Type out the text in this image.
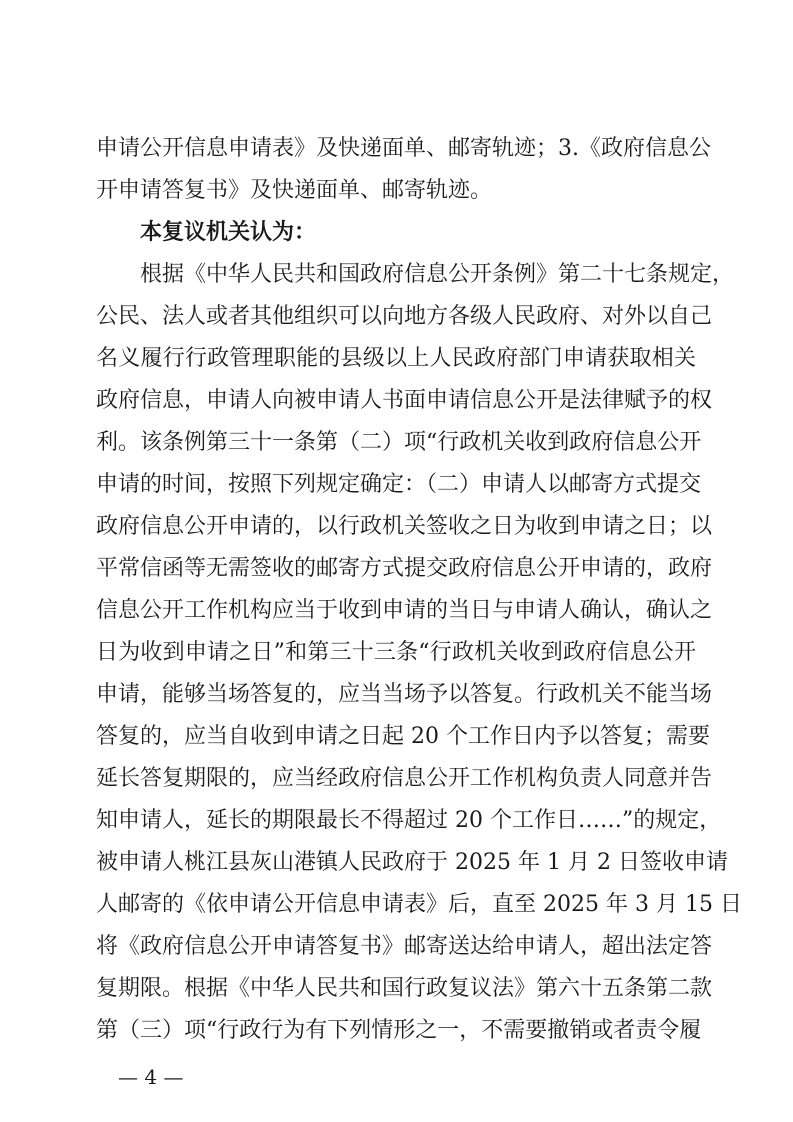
申请公开信息申请表》及快递面单、邮寄轨迹；3.《政府信息公
开申请答复书》及快递面单、邮寄轨迹。
本复议机关认为：
根据《中华人民共和国政府信息公开条例》第二十七条规定，
公民、法人或者其他组织可以向地方各级人民政府、对外以自己
名义履行行政管理职能的县级以上人民政府部门申请获取相关
政府信息，申请人向被申请人书面申请信息公开是法律赋予的权
利。该条例第三十一条第（二）项“行政机关收到政府信息公开
申请的时间，按照下列规定确定：（二）申请人以邮寄方式提交
政府信息公开申请的，以行政机关签收之日为收到申请之日；以
平常信函等无需签收的邮寄方式提交政府信息公开申请的，政府
信息公开工作机构应当于收到申请的当日与申请人确认，确认之
日为收到申请之日”和第三十三条“行政机关收到政府信息公开
申请，能够当场答复的，应当当场予以答复。行政机关不能当场
答复的，应当自收到申请之日起 20 个工作日内予以答复；需要
延长答复期限的，应当经政府信息公开工作机构负责人同意并告
知申请人，延长的期限最长不得超过 20 个工作日……”的规定，
被申请人桃江县灰山港镇人民政府于 2025 年 1 月 2 日签收申请
人邮寄的《依申请公开信息申请表》后，直至 2025 年 3 月 15 日
将《政府信息公开申请答复书》邮寄送达给申请人，超出法定答
复期限。根据《中华人民共和国行政复议法》第六十五条第二款
第（三）项“行政行为有下列情形之一，不需要撤销或者责令履
— 4 —
